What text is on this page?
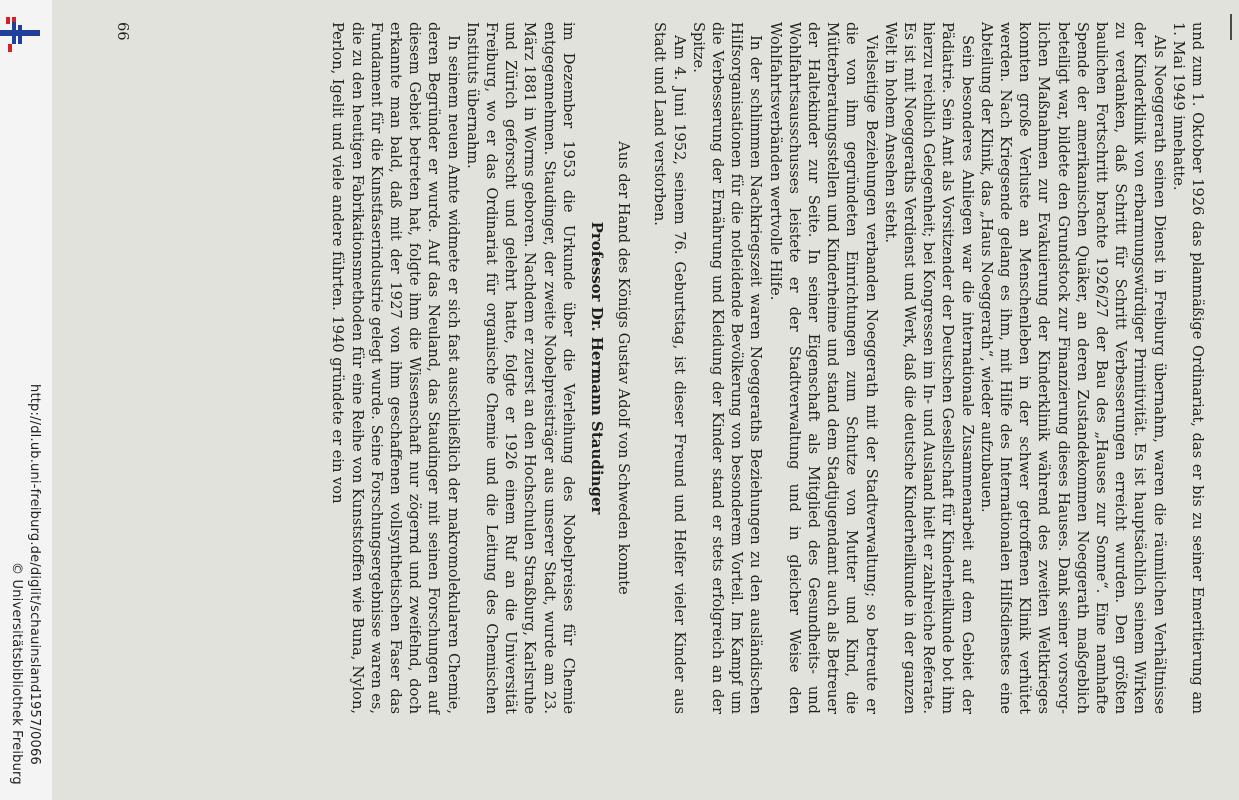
http://dl.ub.uni-freiburg.de/diglit/schauinsland1957/0066
© Universitätsbibliothek Freiburg	und zum 1. Oktober 1926 das planmäßige Ordinariat, das er bis zu seiner Emeritierung am 1. Mai 1949 innehatte.

Als Noeggerath seinen Dienst in Freiburg übernahm, waren die räumlichen Verhältnisse der Kinderklinik von erbarmungswürdiger Primitivität. Es ist hauptsächlich seinem Wirken zu verdanken, daß Schritt für Schritt Verbesserungen erreicht wurden. Den größten baulichen Fortschritt brachte 1926/27 der Bau des „Hauses zur Sonne“. Eine namhafte Spende der amerikanischen Quäker, an deren Zustandekommen Noeggerath maßgeblich beteiligt war, bildete den Grundstock zur Finanzierung dieses Hauses. Dank seiner vorsorglichen Maßnahmen zur Evakuierung der Kinderklinik während des zweiten Weltkrieges konnten große Verluste an Menschenleben in der schwer getroffenen Klinik verhütet werden. Nach Kriegsende gelang es ihm, mit Hilfe des Internationalen Hilfsdienstes eine Abteilung der Klinik, das „Haus Noeggerath“, wieder aufzubauen.

Sein besonderes Anliegen war die internationale Zusammenarbeit auf dem Gebiet der Pädiatrie. Sein Amt als Vorsitzender der Deutschen Gesellschaft für Kinderheilkunde bot ihm hierzu reichlich Gelegenheit; bei Kongressen im In- und Ausland hielt er zahlreiche Referate. Es ist mit Noeggeraths Verdienst und Werk, daß die deutsche Kinderheilkunde in der ganzen Welt in hohem Ansehen steht.

Vielseitige Beziehungen verbanden Noeggerath mit der Stadtverwaltung; so betreute er die von ihm gegründeten Einrichtungen zum Schutze von Mutter und Kind, die Mütterberatungsstellen und Kinderheime und stand dem Stadtjugendamt auch als Betreuer der Haltekinder zur Seite. In seiner Eigenschaft als Mitglied des Gesundheits- und Wohlfahrtsausschusses leistete er der Stadtverwaltung und in gleicher Weise den Wohlfahrtsverbänden wertvolle Hilfe.

In der schlimmen Nachkriegszeit waren Noeggeraths Beziehungen zu den ausländischen Hilfsorganisationen für die notleidende Bevölkerung von besonderem Vorteil. Im Kampf um die Verbesserung der Ernährung und Kleidung der Kinder stand er stets erfolgreich an der Spitze.

Am 4. Juni 1952, seinem 76. Geburtstag, ist dieser Freund und Helfer vieler Kinder aus Stadt und Land verstorben.

Aus der Hand des Königs Gustav Adolf von Schweden konnte

Professor Dr. Hermann Staudinger

im Dezember 1953 die Urkunde über die Verleihung des Nobelpreises für Chemie entgegennehmen. Staudinger, der zweite Nobelpreisträger aus unserer Stadt, wurde am 23. März 1881 in Worms geboren. Nachdem er zuerst an den Hochschulen Straßburg, Karlsruhe und Zürich geforscht und gelehrt hatte, folgte er 1926 einem Ruf an die Universität Freiburg, wo er das Ordinariat für organische Chemie und die Leitung des Chemischen Instituts übernahm.

In seinem neuen Amte widmete er sich fast ausschließlich der makromolekularen Chemie, deren Begründer er wurde. Auf das Neuland, das Staudinger mit seinen Forschungen auf diesem Gebiet betreten hat, folgte ihm die Wissenschaft nur zögernd und zweifelnd, doch erkannte man bald, daß mit der 1927 von ihm geschaffenen vollsynthetischen Faser das Fundament für die Kunstfaserindustrie gelegt wurde. Seine Forschungsergebnisse waren es, die zu den heutigen Fabrikationsmethoden für eine Reihe von Kunststoffen wie Buna, Nylon, Perlon, Igelit und viele andere führten. 1940 gründete er ein von

66
